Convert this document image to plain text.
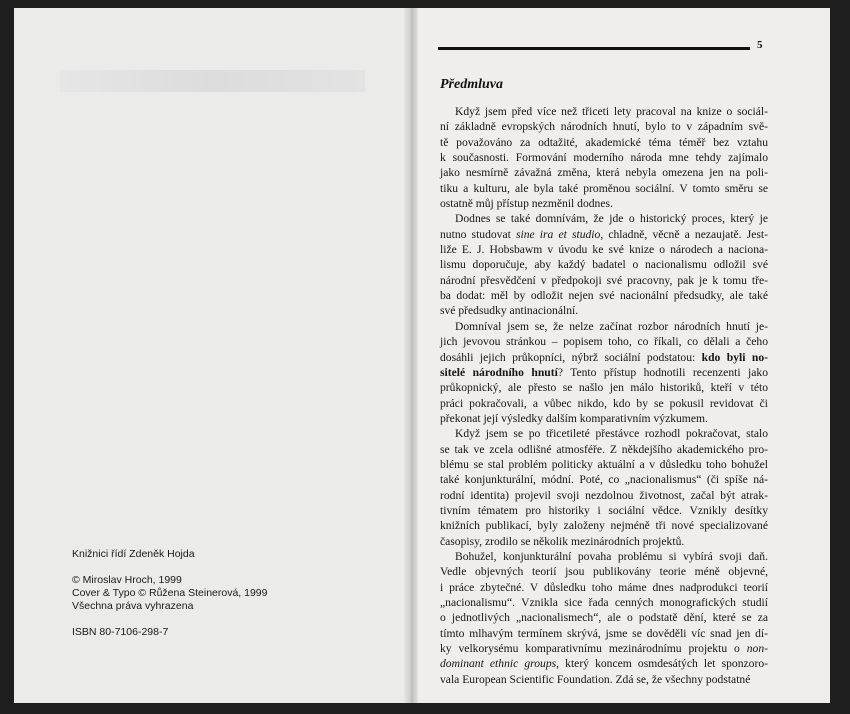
Knižnici řídí Zdeněk Hojda
© Miroslav Hroch, 1999
Cover & Typo © Růžena Steinerová, 1999
Všechna práva vyhrazena
ISBN 80-7106-298-7
5
Předmluva
Když jsem před více než třiceti lety pracoval na knize o sociál-
ní základně evropských národních hnutí, bylo to v západním svě-
tě považováno za odtažité, akademické téma téměř bez vztahu
k současnosti. Formování moderního národa mne tehdy zajímalo
jako nesmírně závažná změna, která nebyla omezena jen na poli-
tiku a kulturu, ale byla také proměnou sociální. V tomto směru se
ostatně můj přístup nezměnil dodnes.
Dodnes se také domnívám, že jde o historický proces, který je
nutno studovat sine ira et studio, chladně, věcně a nezaujatě. Jest-
liže E. J. Hobsbawm v úvodu ke své knize o národech a naciona-
lismu doporučuje, aby každý badatel o nacionalismu odložil své
národní přesvědčení v předpokoji své pracovny, pak je k tomu tře-
ba dodat: měl by odložit nejen své nacionální předsudky, ale také
své předsudky antinacionální.
Domníval jsem se, že nelze začínat rozbor národních hnutí je-
jich jevovou stránkou – popisem toho, co říkali, co dělali a čeho
dosáhli jejich průkopníci, nýbrž sociální podstatou: kdo byli no-
sitelé národního hnutí? Tento přístup hodnotili recenzenti jako
průkopnický, ale přesto se našlo jen málo historiků, kteří v této
práci pokračovali, a vůbec nikdo, kdo by se pokusil revidovat či
překonat její výsledky dalším komparativním výzkumem.
Když jsem se po třicetileté přestávce rozhodl pokračovat, stalo
se tak ve zcela odlišné atmosféře. Z někdejšího akademického pro-
blému se stal problém politicky aktuální a v důsledku toho bohužel
také konjunkturální, módní. Poté, co „nacionalismus“ (či spíše ná-
rodní identita) projevil svoji nezdolnou životnost, začal být atrak-
tivním tématem pro historiky i sociální vědce. Vznikly desítky
knižních publikací, byly založeny nejméně tři nové specializované
časopisy, zrodilo se několik mezinárodních projektů.
Bohužel, konjunkturální povaha problému si vybírá svoji daň.
Vedle objevných teorií jsou publikovány teorie méně objevné,
i práce zbytečné. V důsledku toho máme dnes nadprodukci teorií
„nacionalismu“. Vznikla sice řada cenných monografických studií
o jednotlivých „nacionalismech“, ale o podstatě dění, které se za
tímto mlhavým termínem skrývá, jsme se dověděli víc snad jen dí-
ky velkorysému komparativnímu mezinárodnímu projektu o non-
dominant ethnic groups, který koncem osmdesátých let sponzoro-
vala European Scientific Foundation. Zdá se, že všechny podstatné
